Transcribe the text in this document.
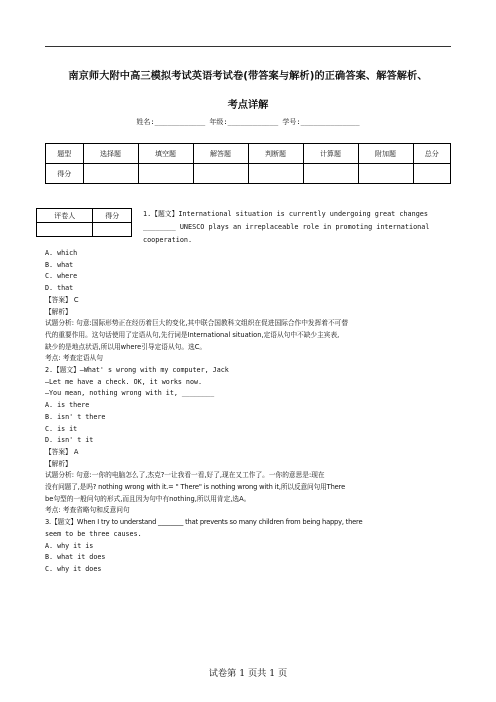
南京师大附中高三模拟考试英语考试卷(带答案与解析)的正确答案、解答解析、
考点详解
姓名:____________ 年级:____________ 学号:______________
题型	选择题	填空题	解答题	判断题	计算题	附加题	总分
得分							
评卷人	得分
		1.【题文】International situation is currently undergoing great changes
________ UNESCO plays an irreplaceable role in promoting international
cooperation.
A. which
B. what
C. where
D. that
【答案】 C
【解析】
试题分析: 句意:国际形势正在经历着巨大的变化,其中联合国教科文组织在促进国际合作中发挥着不可替
代的重要作用。这句话使用了定语从句,先行词是International situation,定语从句中不缺少主宾表,
缺少的是地点状语,所以用where引导定语从句。选C。
考点: 考查定语从句
2.【题文】—What' s wrong with my computer, Jack
—Let me have a check. OK, it works now.
—You mean, nothing wrong with it, ________
A. is there
B. isn' t there
C. is it
D. isn' t it
【答案】 A
【解析】
试题分析: 句意:一你的电脑怎么了,杰克?一让我看一看,好了,现在又工作了。一你的意思是:现在
没有问题了,是吗? nothing wrong with it.= " There" is nothing wrong with it,所以反意问句用There
be句型的一般问句的形式,而且因为句中有nothing,所以用肯定,选A。
考点: 考查省略句和反意问句
3.【题文】When I try to understand ________ that prevents so many children from being happy, there
seem to be three causes.
A. why it is
B. what it does
C. why it does
试卷第 1 页共 1 页
